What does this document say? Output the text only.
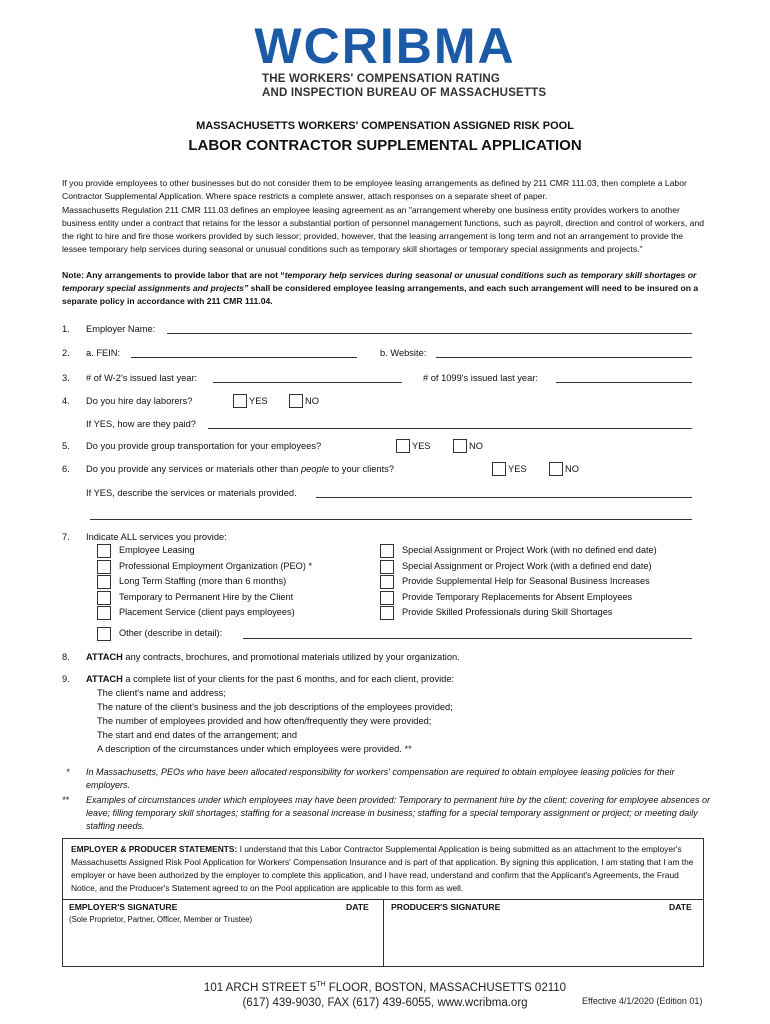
WCRIBMA
THE WORKERS' COMPENSATION RATING
AND INSPECTION BUREAU OF MASSACHUSETTS
MASSACHUSETTS WORKERS' COMPENSATION ASSIGNED RISK POOL
LABOR CONTRACTOR SUPPLEMENTAL APPLICATION
If you provide employees to other businesses but do not consider them to be employee leasing arrangements as defined by 211 CMR 111.03, then complete a Labor Contractor Supplemental Application. Where space restricts a complete answer, attach responses on a separate sheet of paper.
Massachusetts Regulation 211 CMR 111.03 defines an employee leasing agreement as an "arrangement whereby one business entity provides workers to another business entity under a contract that retains for the lessor a substantial portion of personnel management functions, such as payroll, direction and control of workers, and the right to hire and fire those workers provided by such lessor; provided, however, that the leasing arrangement is long term and not an arrangement to provide the lessee temporary help services during seasonal or unusual conditions such as temporary skill shortages or temporary special assignments and projects."
Note: Any arrangements to provide labor that are not “temporary help services during seasonal or unusual conditions such as temporary skill shortages or temporary special assignments and projects” shall be considered employee leasing arrangements, and each such arrangement will need to be insured on a separate policy in accordance with 211 CMR 111.04.
1. Employer Name:
2. a. FEIN:	b. Website:
3. # of W-2's issued last year:	# of 1099's issued last year:
4. Do you hire day laborers?	YES	NO
If YES, how are they paid?
5. Do you provide group transportation for your employees?	YES	NO
6. Do you provide any services or materials other than people to your clients?	YES	NO
If YES, describe the services or materials provided.
7. Indicate ALL services you provide:
Employee Leasing
Professional Employment Organization (PEO) *
Long Term Staffing (more than 6 months)
Temporary to Permanent Hire by the Client
Placement Service (client pays employees)
Special Assignment or Project Work (with no defined end date)
Special Assignment or Project Work (with a defined end date)
Provide Supplemental Help for Seasonal Business Increases
Provide Temporary Replacements for Absent Employees
Provide Skilled Professionals during Skill Shortages
Other (describe in detail):
8. ATTACH any contracts, brochures, and promotional materials utilized by your organization.
9. ATTACH a complete list of your clients for the past 6 months, and for each client, provide:
The client's name and address;
The nature of the client's business and the job descriptions of the employees provided;
The number of employees provided and how often/frequently they were provided;
The start and end dates of the arrangement; and
A description of the circumstances under which employees were provided. **
* In Massachusetts, PEOs who have been allocated responsibility for workers' compensation are required to obtain employee leasing policies for their employers.
** Examples of circumstances under which employees may have been provided: Temporary to permanent hire by the client; covering for employee absences or leave; filling temporary skill shortages; staffing for a seasonal increase in business; staffing for a special temporary assignment or project; or meeting daily staffing needs.
EMPLOYER & PRODUCER STATEMENTS: I understand that this Labor Contractor Supplemental Application is being submitted as an attachment to the employer's Massachusetts Assigned Risk Pool Application for Workers' Compensation Insurance and is part of that application. By signing this application, I am stating that I am the employer or have been authorized by the employer to complete this application, and I have read, understand and confirm that the Applicant's Agreements, the Fraud Notice, and the Producer's Statement agreed to on the Pool application are applicable to this form as well.
EMPLOYER'S SIGNATURE	DATE
(Sole Proprietor, Partner, Officer, Member or Trustee)
PRODUCER'S SIGNATURE	DATE
101 ARCH STREET 5TH FLOOR, BOSTON, MASSACHUSETTS 02110
(617) 439-9030, FAX (617) 439-6055, www.wcribma.org	Effective 4/1/2020 (Edition 01)
